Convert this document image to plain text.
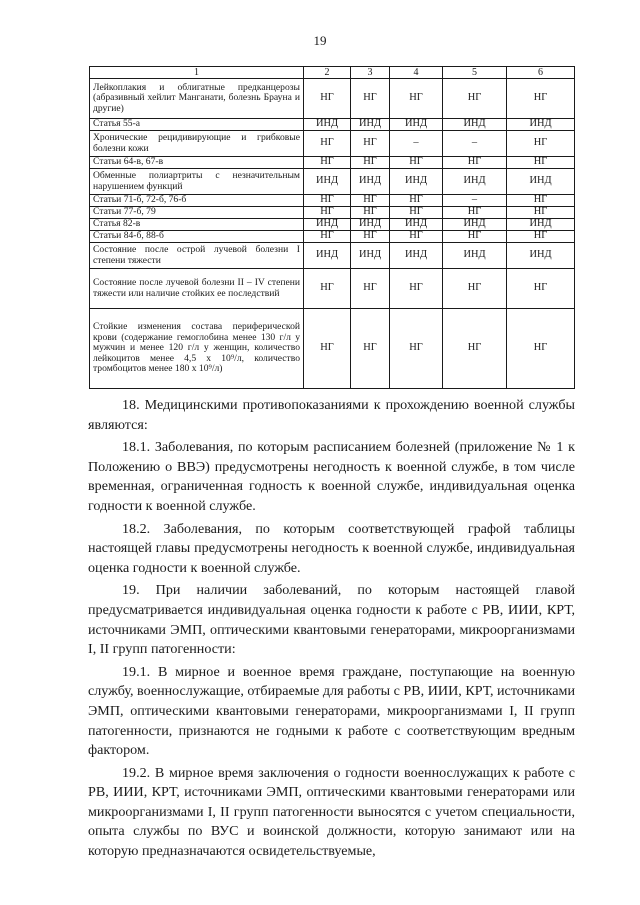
19
1	2	3	4	5	6
Лейкоплакия и облигатные предканцерозы (абразивный хейлит Манганати, болезнь Брауна и другие)	НГ	НГ	НГ	НГ	НГ
Статья 55-а	ИНД	ИНД	ИНД	ИНД	ИНД
Хронические рецидивирующие и грибковые болезни кожи	НГ	НГ	–	–	НГ
Статьи 64-в, 67-в	НГ	НГ	НГ	НГ	НГ
Обменные полиартриты с незначительным нарушением функций	ИНД	ИНД	ИНД	ИНД	ИНД
Статьи 71-б, 72-б, 76-б	НГ	НГ	НГ	–	НГ
Статьи 77-б, 79	НГ	НГ	НГ	НГ	НГ
Статья 82-в	ИНД	ИНД	ИНД	ИНД	ИНД
Статьи 84-б, 88-б	НГ	НГ	НГ	НГ	НГ
Состояние после острой лучевой болезни I степени тяжести	ИНД	ИНД	ИНД	ИНД	ИНД
Состояние после лучевой болезни II – IV степени тяжести или наличие стойких ее последствий	НГ	НГ	НГ	НГ	НГ
Стойкие изменения состава периферической крови (содержание гемоглобина менее 130 г/л у мужчин и менее 120 г/л у женщин, количество лейкоцитов менее 4,5 х 10⁹/л, количество тромбоцитов менее 180 х 10⁹/л)	НГ	НГ	НГ	НГ	НГ

18. Медицинскими противопоказаниями к прохождению военной службы являются:

18.1. Заболевания, по которым расписанием болезней (приложение № 1 к Положению о ВВЭ) предусмотрены негодность к военной службе, в том числе временная, ограниченная годность к военной службе, индивидуальная оценка годности к военной службе.

18.2. Заболевания, по которым соответствующей графой таблицы настоящей главы предусмотрены негодность к военной службе, индивидуальная оценка годности к военной службе.

19. При наличии заболеваний, по которым настоящей главой предусматривается индивидуальная оценка годности к работе с РВ, ИИИ, КРТ, источниками ЭМП, оптическими квантовыми генераторами, микроорганизмами I, II групп патогенности:

19.1. В мирное и военное время граждане, поступающие на военную службу, военнослужащие, отбираемые для работы с РВ, ИИИ, КРТ, источниками ЭМП, оптическими квантовыми генераторами, микроорганизмами I, II групп патогенности, признаются не годными к работе с соответствующим вредным фактором.

19.2. В мирное время заключения о годности военнослужащих к работе с РВ, ИИИ, КРТ, источниками ЭМП, оптическими квантовыми генераторами или микроорганизмами I, II групп патогенности выносятся с учетом специальности, опыта службы по ВУС и воинской должности, которую занимают или на которую предназначаются освидетельствуемые,
